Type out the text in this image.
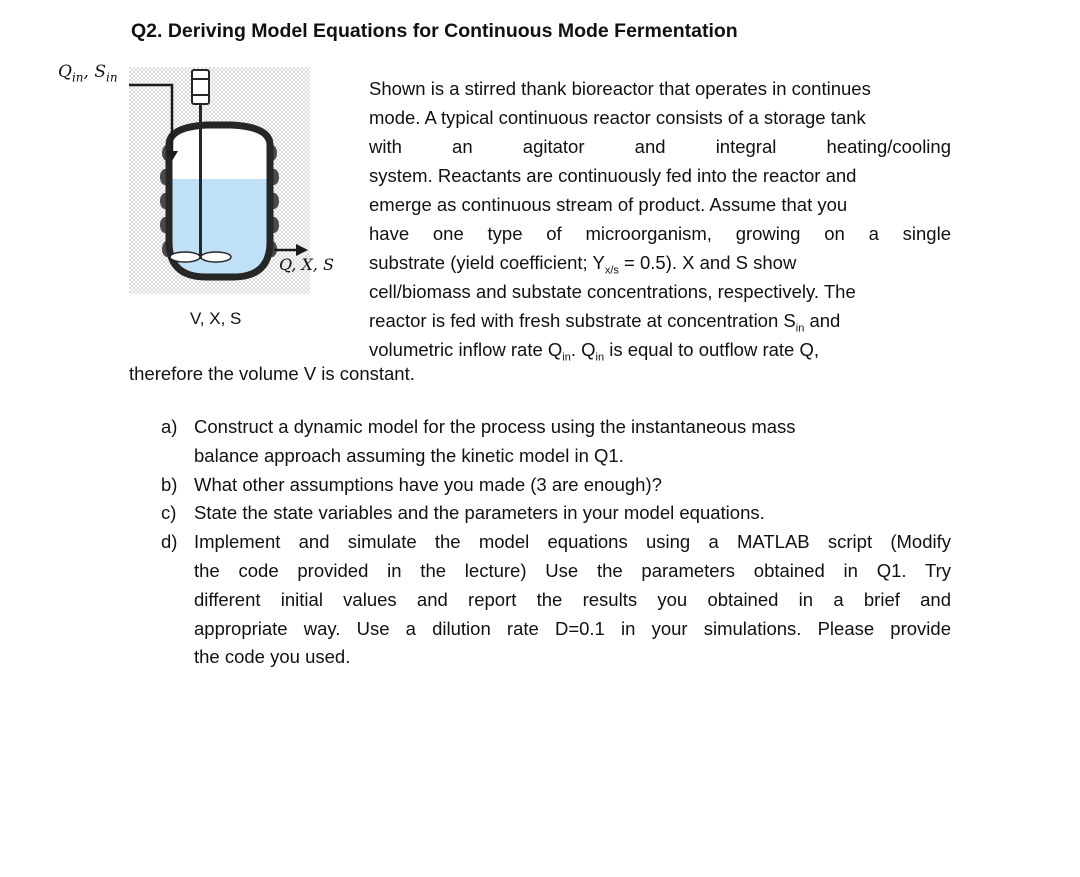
Q2. Deriving Model Equations for Continuous Mode Fermentation
$Q_{in}$, $S_{in}$
Q, X, S
V, X, S
Shown is a stirred thank bioreactor that operates in continues
mode. A typical continuous reactor consists of a storage tank
with an agitator and integral heating/cooling
system. Reactants are continuously fed into the reactor and
emerge as continuous stream of product. Assume that you
have one type of microorganism, growing on a single
substrate (yield coefficient; $Y_{x/s} = 0.5$). X and S show
cell/biomass and substate concentrations, respectively. The
reactor is fed with fresh substrate at concentration $S_{in}$ and
volumetric inflow rate $Q_{in}$. $Q_{in}$ is equal to outflow rate Q,
therefore the volume V is constant.
a) Construct a dynamic model for the process using the instantaneous mass
balance approach assuming the kinetic model in Q1.
b) What other assumptions have you made (3 are enough)?
c) State the state variables and the parameters in your model equations.
d) Implement and simulate the model equations using a MATLAB script (Modify
the code provided in the lecture) Use the parameters obtained in Q1. Try
different initial values and report the results you obtained in a brief and
appropriate way. Use a dilution rate D=0.1 in your simulations. Please provide
the code you used.
